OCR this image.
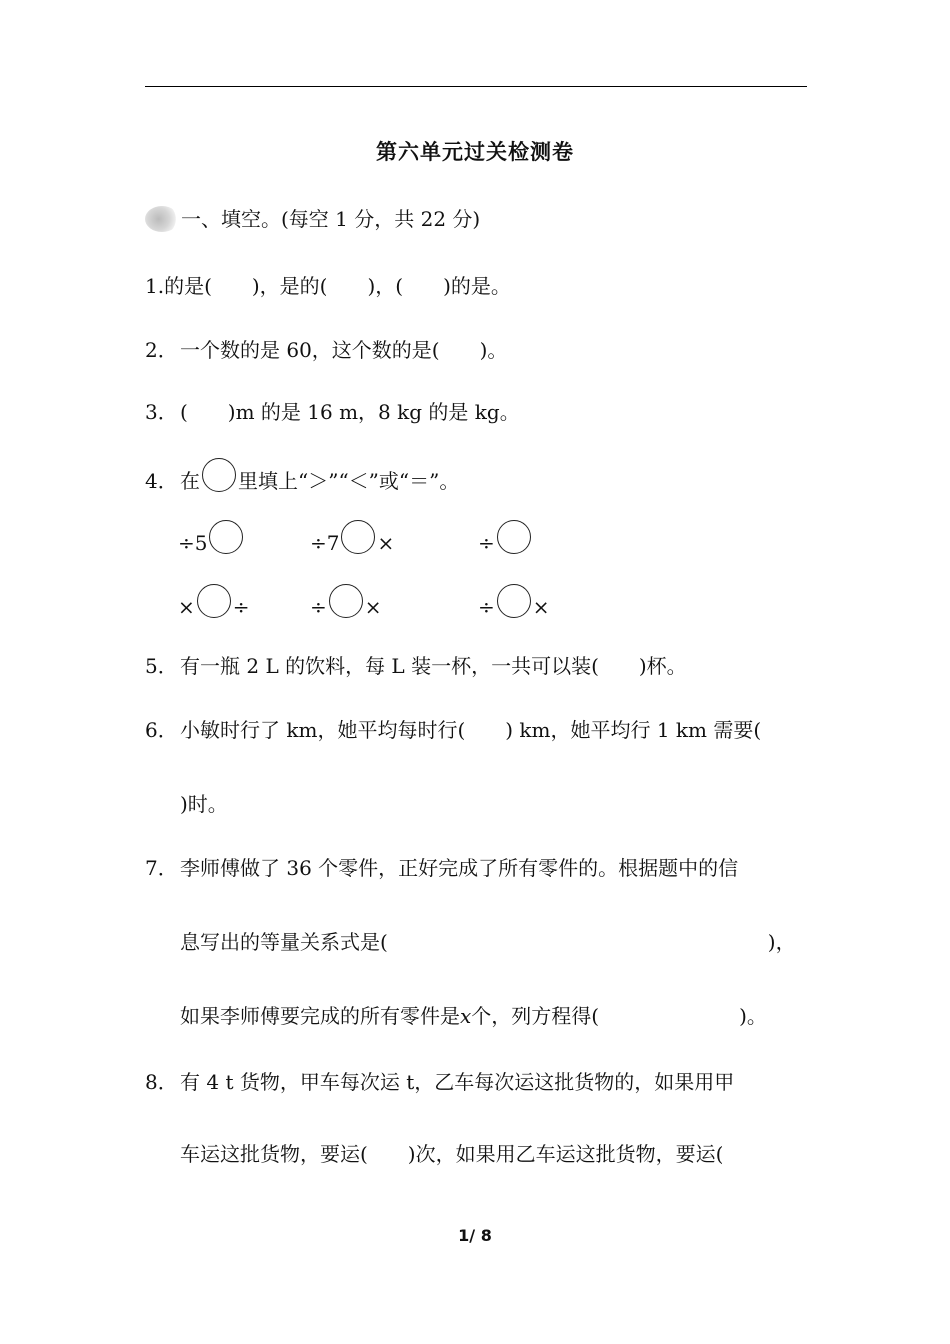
第六单元过关检测卷
一、填空。(每空 1 分，共 22 分)
1.的是(　　)，是的(　　)，(　　)的是。
2． 一个数的是 60，这个数的是(　　)。
3． (　　)m 的是 16 m，8 kg 的是 kg。
4． 在 里填上“＞”“＜”或“＝”。
÷5	÷7 ×	÷
× ÷	÷ ×	÷ ×
5． 有一瓶 2 L 的饮料，每 L 装一杯，一共可以装(　　)杯。
6． 小敏时行了 km，她平均每时行(　　) km，她平均行 1 km 需要(
)时。
7． 李师傅做了 36 个零件，正好完成了所有零件的。根据题中的信
息写出的等量关系式是(　　　　　　　　　　　　　　　　　　　)，
如果李师傅要完成的所有零件是x个，列方程得(　　　　　　　)。
8． 有 4 t 货物，甲车每次运 t，乙车每次运这批货物的，如果用甲
车运这批货物，要运(　　)次，如果用乙车运这批货物，要运(
1/ 8
